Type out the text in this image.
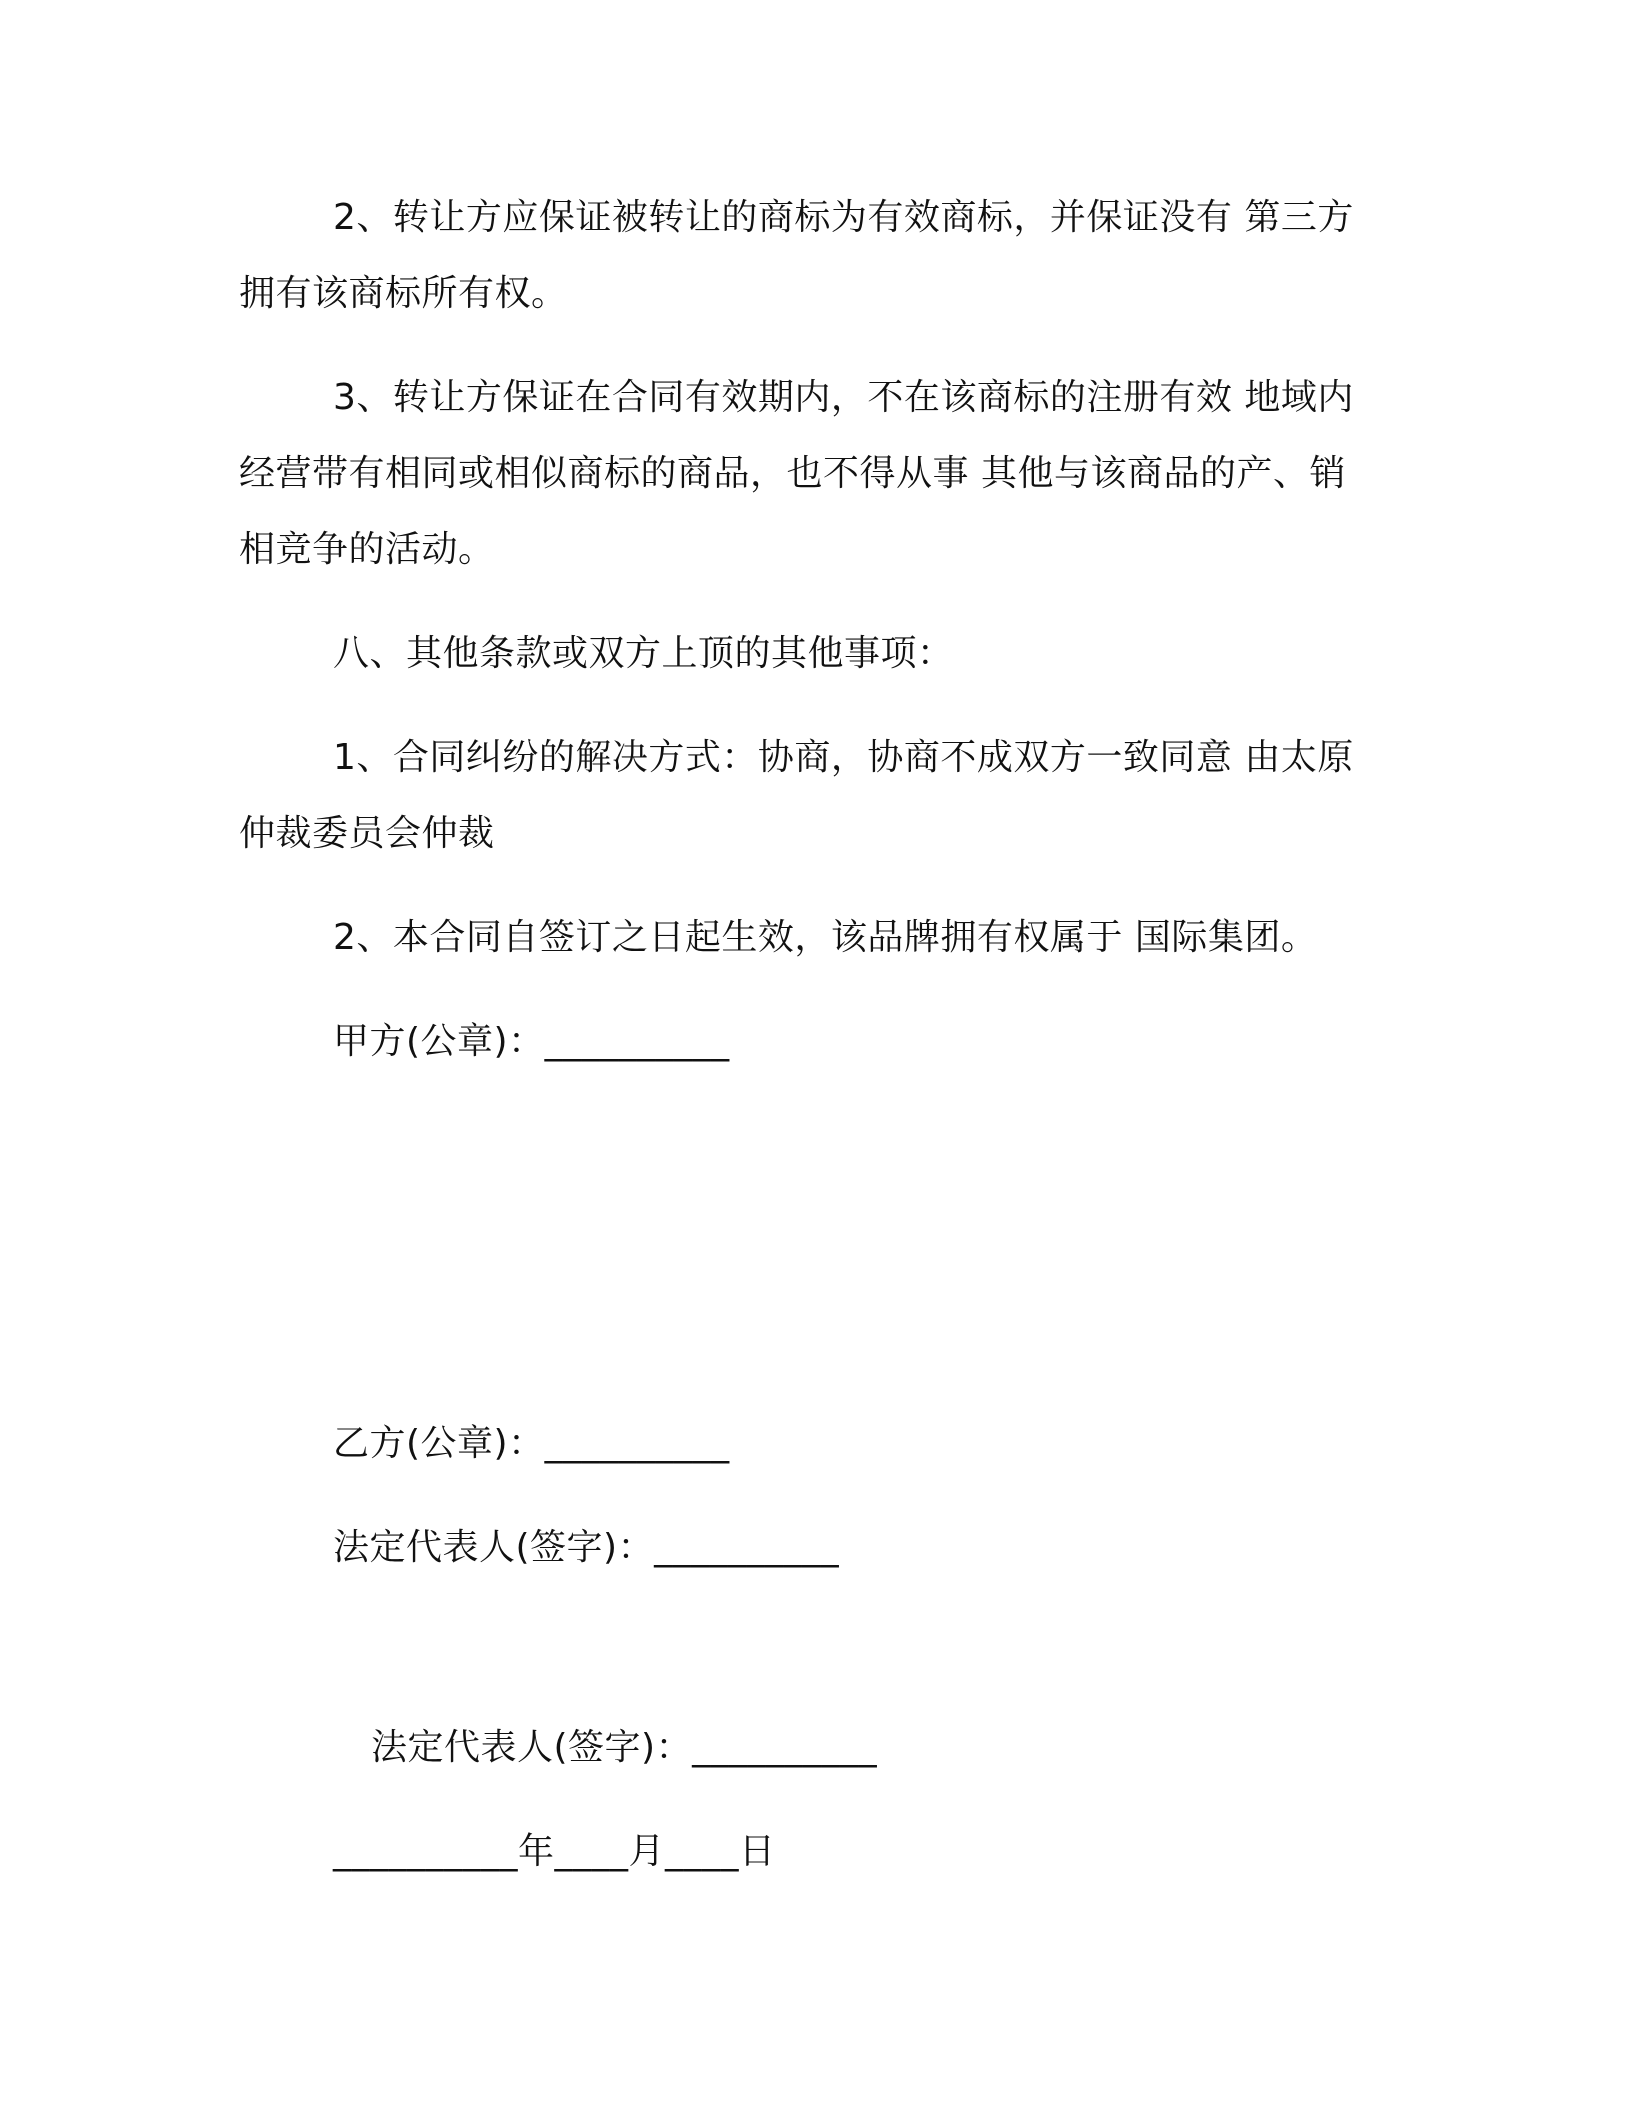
2、转让方应保证被转让的商标为有效商标，并保证没有 第三方
拥有该商标所有权。
3、转让方保证在合同有效期内，不在该商标的注册有效 地域内
经营带有相同或相似商标的商品，也不得从事 其他与该商品的产、销
相竞争的活动。
八、其他条款或双方上顶的其他事项：
1、合同纠纷的解决方式：协商，协商不成双方一致同意 由太原
仲裁委员会仲裁
2、本合同自签订之日起生效，该品牌拥有权属于 国际集团。
甲方(公章)：__________
乙方(公章)：__________
法定代表人(签字)：__________
法定代表人(签字)：__________
__________年____月____日
